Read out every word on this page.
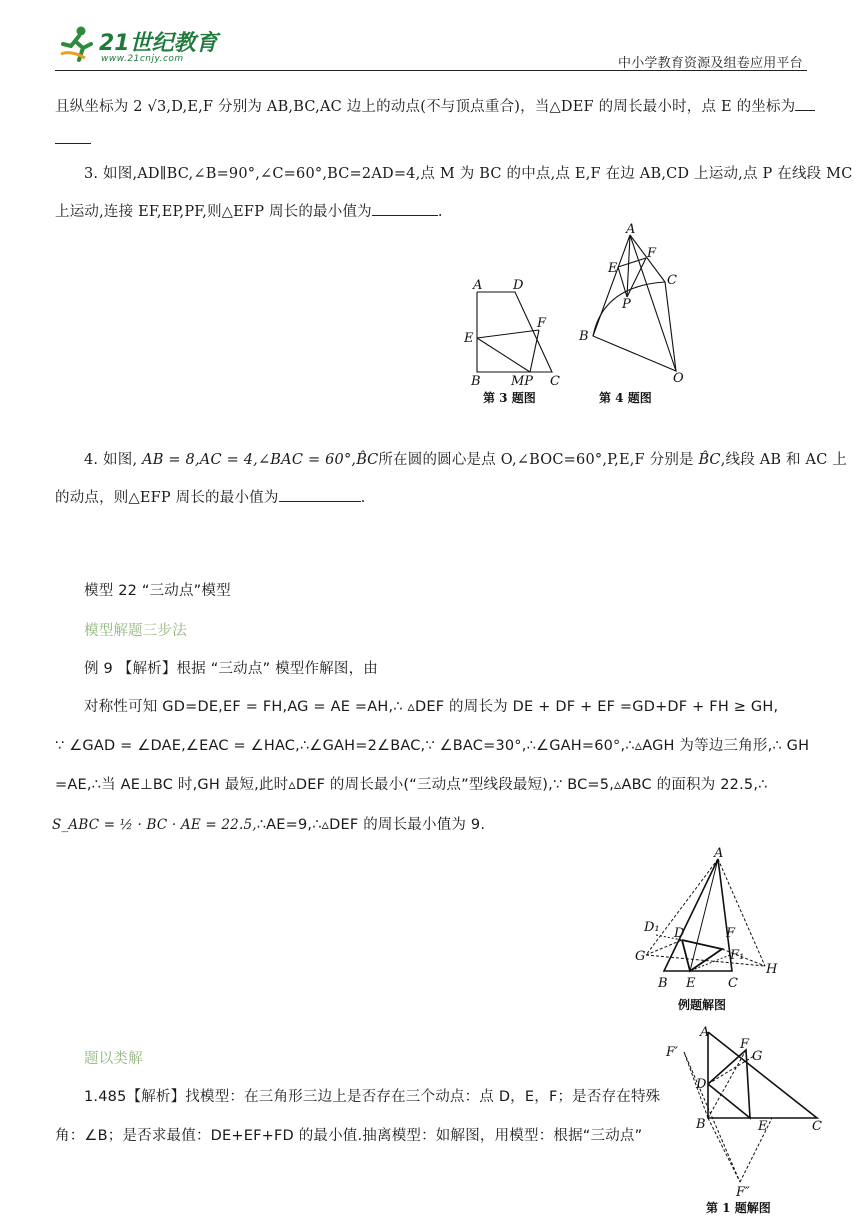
21世纪教育
www.21cnjy.com	中小学教育资源及组卷应用平台
且纵坐标为 2 √3,D,E,F 分别为 AB,BC,AC 边上的动点(不与顶点重合)，当△DEF 的周长最小时，点 E 的坐标为
3. 如图,AD∥BC,∠B=90°,∠C=60°,BC=2AD=4,点 M 为 BC 的中点,点 E,F 在边 AB,CD 上运动,点 P 在线段 MC
上运动,连接 EF,EP,PF,则△EFP 周长的最小值为	.
A D
E
F
B MP C
第 3 题图
A
F
E
C
P
B
O
第 4 题图
4. 如图, AB = 8,AC = 4,∠BAC = 60°,B̂C所在圆的圆心是点 O,∠BOC=60°,P,E,F 分别是 B̂C,线段 AB 和 AC 上
的动点，则△EFP 周长的最小值为	.
模型 22 “三动点”模型
模型解题三步法
例 9 【解析】根据 “三动点” 模型作解图，由
对称性可知 GD=DE,EF = FH,AG = AE =AH,∴ ▵DEF 的周长为 DE + DF + EF =GD+DF + FH ≥ GH,
∵ ∠GAD = ∠DAE,∠EAC = ∠HAC,∴∠GAH=2∠BAC,∵ ∠BAC=30°,∴∠GAH=60°,∴▵AGH 为等边三角形,∴ GH
=AE,∴当 AE⊥BC 时,GH 最短,此时▵DEF 的周长最小(“三动点”型线段最短),∵ BC=5,▵ABC 的面积为 22.5,∴
S_ABC = ½ · BC · AE = 22.5,∴AE=9,∴▵DEF 的周长最小值为 9.
A
D₁ D	F
G	F₁
H
B E	C
例题解图
题以类解
1.485【解析】找模型：在三角形三边上是否存在三个动点：点 D，E，F；是否存在特殊
角：∠B；是否求最值：DE+EF+FD 的最小值.抽离模型：如解图，用模型：根据“三动点”
A
F′
F
G
D
B	E	C
F″
第 1 题解图
